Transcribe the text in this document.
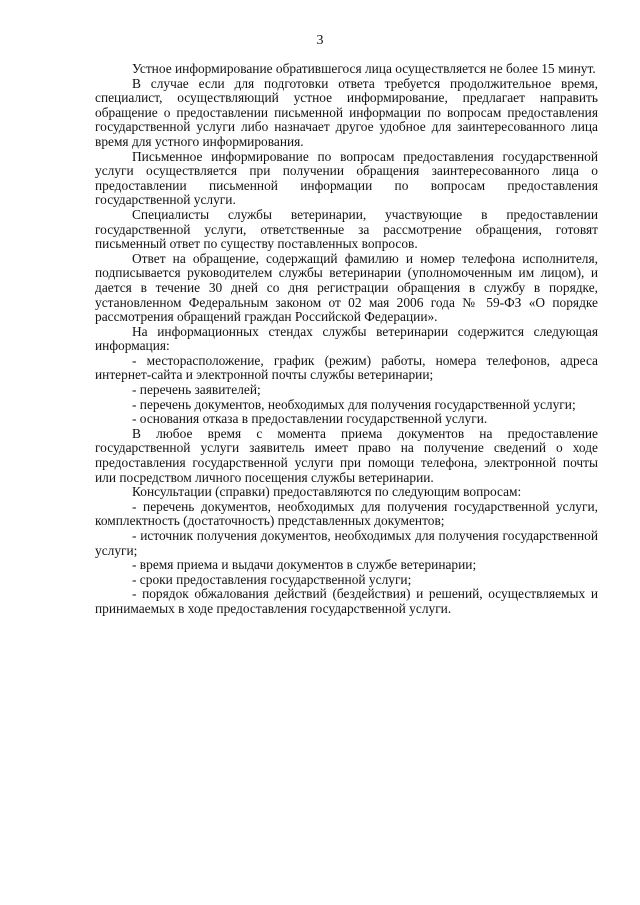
3

Устное информирование обратившегося лица осуществляется не более 15 минут.

В случае если для подготовки ответа требуется продолжительное время, специалист, осуществляющий устное информирование, предлагает направить обращение о предоставлении письменной информации по вопросам предоставления государственной услуги либо назначает другое удобное для заинтересованного лица время для устного информирования.

Письменное информирование по вопросам предоставления государственной услуги осуществляется при получении обращения заинтересованного лица о предоставлении письменной информации по вопросам предоставления государственной услуги.

Специалисты службы ветеринарии, участвующие в предоставлении государственной услуги, ответственные за рассмотрение обращения, готовят письменный ответ по существу поставленных вопросов.

Ответ на обращение, содержащий фамилию и номер телефона исполнителя, подписывается руководителем службы ветеринарии (уполномоченным им лицом), и дается в течение 30 дней со дня регистрации обращения в службу в порядке, установленном Федеральным законом от 02 мая 2006 года № 59-ФЗ «О порядке рассмотрения обращений граждан Российской Федерации».

На информационных стендах службы ветеринарии содержится следующая информация:

- месторасположение, график (режим) работы, номера телефонов, адреса интернет-сайта и электронной почты службы ветеринарии;

- перечень заявителей;

- перечень документов, необходимых для получения государственной услуги;

- основания отказа в предоставлении государственной услуги.

В любое время с момента приема документов на предоставление государственной услуги заявитель имеет право на получение сведений о ходе предоставления государственной услуги при помощи телефона, электронной почты или посредством личного посещения службы ветеринарии.

Консультации (справки) предоставляются по следующим вопросам:

- перечень документов, необходимых для получения государственной услуги, комплектность (достаточность) представленных документов;

- источник получения документов, необходимых для получения государственной услуги;

- время приема и выдачи документов в службе ветеринарии;

- сроки предоставления государственной услуги;

- порядок обжалования действий (бездействия) и решений, осуществляемых и принимаемых в ходе предоставления государственной услуги.
